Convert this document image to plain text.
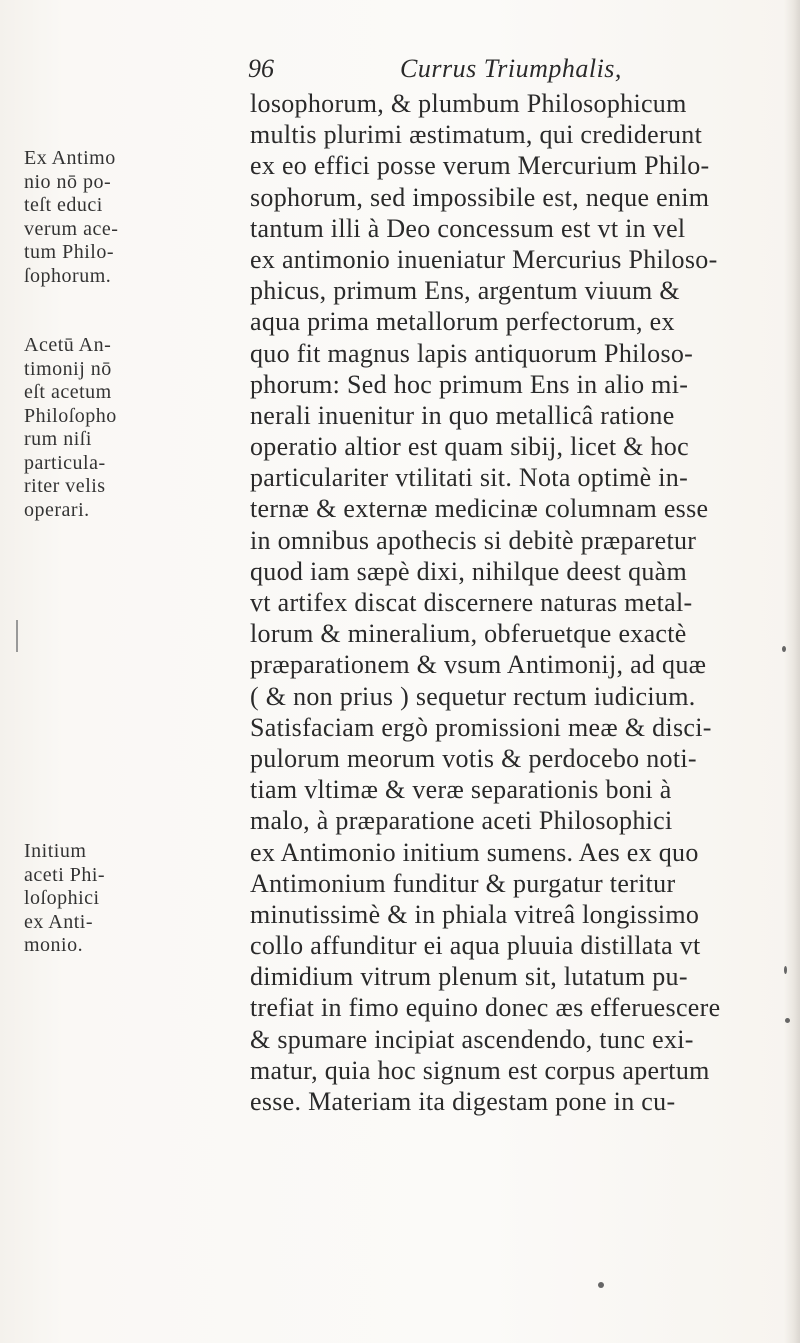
96	Currus Triumphalis,
losophorum, & plumbum Philosophicum
multis plurimi æstimatum, qui crediderunt
ex eo effici posse verum Mercurium Philo-
sophorum, sed impossibile est, neque enim
tantum illi à Deo concessum est vt in vel
ex antimonio inueniatur Mercurius Philoso-
phicus, primum Ens, argentum viuum &
aqua prima metallorum perfectorum, ex
quo fit magnus lapis antiquorum Philoso-
phorum: Sed hoc primum Ens in alio mi-
nerali inuenitur in quo metallicâ ratione
operatio altior est quam sibij, licet & hoc
particulariter vtilitati sit. Nota optimè in-
ternæ & externæ medicinæ columnam esse
in omnibus apothecis si debitè præparetur
quod iam sæpè dixi, nihilque deest quàm
vt artifex discat discernere naturas metal-
lorum & mineralium, obferuetque exactè
præparationem & vsum Antimonij, ad quæ
( & non prius ) sequetur rectum iudicium.
Satisfaciam ergò promissioni meæ & disci-
pulorum meorum votis & perdocebo noti-
tiam vltimæ & veræ separationis boni à
malo, à præparatione aceti Philosophici
ex Antimonio initium sumens. Aes ex quo
Antimonium funditur & purgatur teritur
minutissimè & in phiala vitreâ longissimo
collo affunditur ei aqua pluuia distillata vt
dimidium vitrum plenum sit, lutatum pu-
trefiat in fimo equino donec æs efferuescere
& spumare incipiat ascendendo, tunc exi-
matur, quia hoc signum est corpus apertum
esse. Materiam ita digestam pone in cu-
Ex Antimo
nio nō po-
teſt educi
verum ace-
tum Philo-
ſophorum.
Acetū An-
timonij nō
eſt acetum
Philoſopho
rum niſi
particula-
riter velis
operari.
Initium
aceti Phi-
loſophici
ex Anti-
monio.
